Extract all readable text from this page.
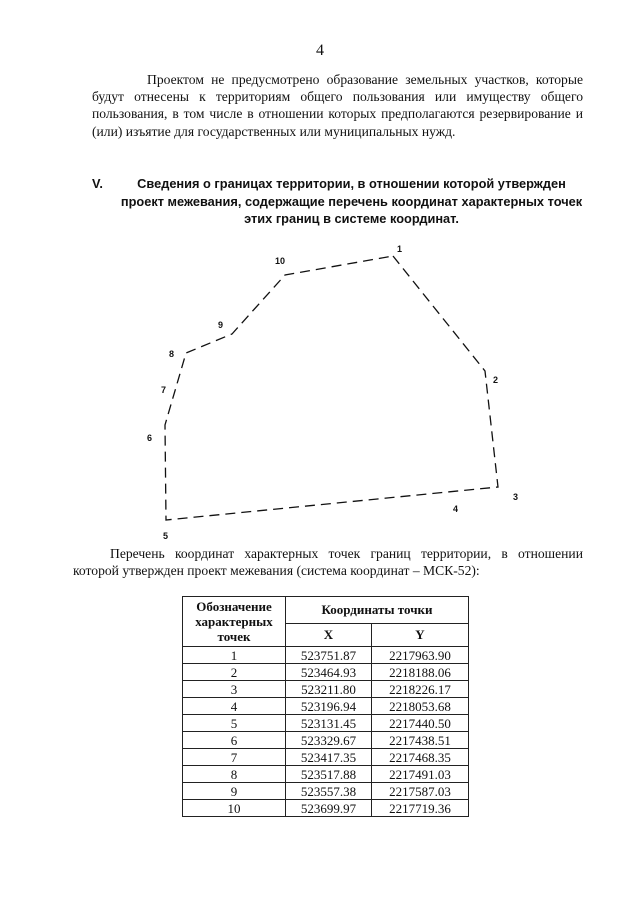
4
Проектом не предусмотрено образование земельных участков, которые будут отнесены к территориям общего пользования или имуществу общего пользования, в том числе в отношении которых предполагаются резервирование и (или) изъятие для государственных или муниципальных нужд.
V.	Сведения о границах территории, в отношении которой утвержден проект межевания, содержащие перечень координат характерных точек этих границ в системе координат.
1
2
3
4
5
6
7
8
9
10
Перечень координат характерных точек границ территории, в отношении которой утвержден проект межевания (система координат – МСК-52):
Обозначение характерных точек	Координаты точки	
	X	Y
1	523751.87	2217963.90
2	523464.93	2218188.06
3	523211.80	2218226.17
4	523196.94	2218053.68
5	523131.45	2217440.50
6	523329.67	2217438.51
7	523417.35	2217468.35
8	523517.88	2217491.03
9	523557.38	2217587.03
10	523699.97	2217719.36
